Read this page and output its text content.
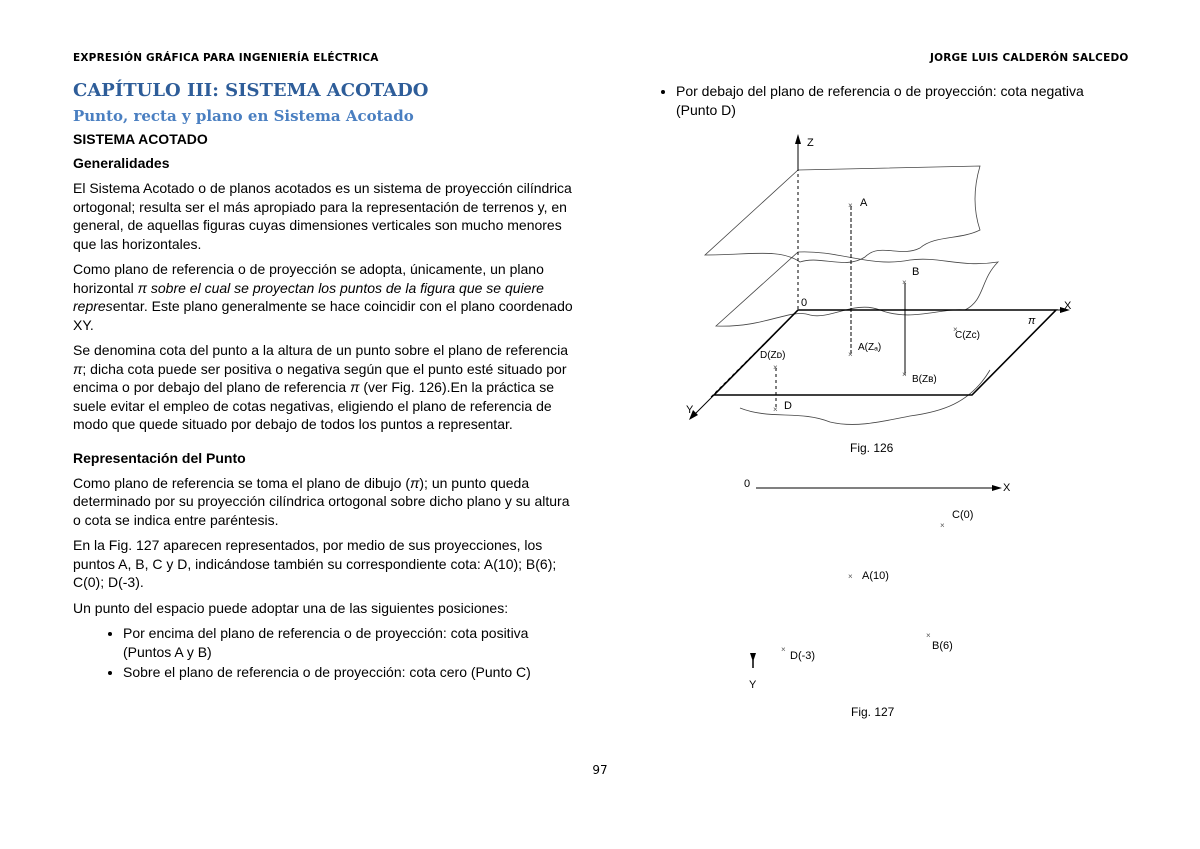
EXPRESIÓN GRÁFICA PARA INGENIERÍA ELÉCTRICA	JORGE LUIS CALDERÓN SALCEDO
CAPÍTULO III: SISTEMA ACOTADO
Punto, recta y plano en Sistema Acotado
SISTEMA ACOTADO
Generalidades

El Sistema Acotado o de planos acotados es un sistema de proyección cilíndrica ortogonal; resulta ser el más apropiado para la representación de terrenos y, en general, de aquellas figuras cuyas dimensiones verticales son mucho menores que las horizontales.

Como plano de referencia o de proyección se adopta, únicamente, un plano horizontal π sobre el cual se proyectan los puntos de la figura que se quiere representar. Este plano generalmente se hace coincidir con el plano coordenado XY.

Se denomina cota del punto a la altura de un punto sobre el plano de referencia π; dicha cota puede ser positiva o negativa según que el punto esté situado por encima o por debajo del plano de referencia π (ver Fig. 126).En la práctica se suele evitar el empleo de cotas negativas, eligiendo el plano de referencia de modo que quede situado por debajo de todos los puntos a representar.

Representación del Punto

Como plano de referencia se toma el plano de dibujo (π); un punto queda determinado por su proyección cilíndrica ortogonal sobre dicho plano y su altura o cota se indica entre paréntesis.

En la Fig. 127 aparecen representados, por medio de sus proyecciones, los puntos A, B, C y D, indicándose también su correspondiente cota: A(10); B(6); C(0); D(-3).

Un punto del espacio puede adoptar una de las siguientes posiciones:

• Por encima del plano de referencia o de proyección: cota positiva (Puntos A y B)
• Sobre el plano de referencia o de proyección: cota cero (Punto C)
• Por debajo del plano de referencia o de proyección: cota negativa (Punto D)
Z
Y
0
π
A
B
D
A(Zₐ)
B(Zв)
C(Zc)
D(Zᴅ)
×
×
×
×
×
×
×
Fig. 126
X
0	X
Y
C(0)
A(10)
B(6)
D(-3)
×
×
×
×
Fig. 127
97
